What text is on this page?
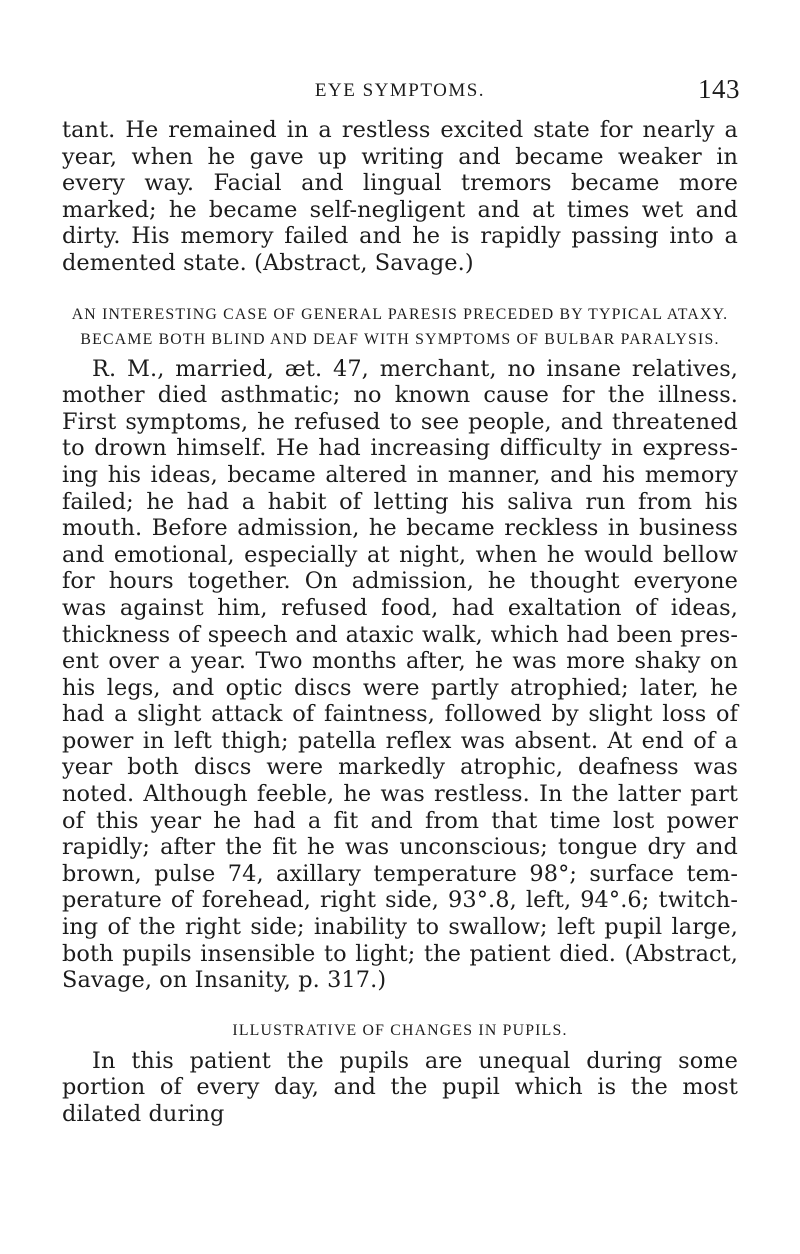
EYE SYMPTOMS.	143

tant. He remained in a restless excited state for nearly a year, when he gave up writing and became weaker in every way. Facial and lingual tremors became more marked; he became self-negligent and at times wet and dirty. His memory failed and he is rapidly passing into a demented state. (Abstract, Savage.)

AN INTERESTING CASE OF GENERAL PARESIS PRECEDED BY TYPICAL ATAXY. BECAME BOTH BLIND AND DEAF WITH SYMPTOMS OF BULBAR PARALYSIS.

R. M., married, æt. 47, merchant, no insane relatives, mother died asthmatic; no known cause for the illness. First symptoms, he refused to see people, and threatened to drown himself. He had increasing difficulty in express-ing his ideas, became altered in manner, and his memory failed; he had a habit of letting his saliva run from his mouth. Before admission, he became reckless in business and emotional, especially at night, when he would bellow for hours together. On admission, he thought everyone was against him, refused food, had exaltation of ideas, thickness of speech and ataxic walk, which had been pres-ent over a year. Two months after, he was more shaky on his legs, and optic discs were partly atrophied; later, he had a slight attack of faintness, followed by slight loss of power in left thigh; patella reflex was absent. At end of a year both discs were markedly atrophic, deafness was noted. Although feeble, he was restless. In the latter part of this year he had a fit and from that time lost power rapidly; after the fit he was unconscious; tongue dry and brown, pulse 74, axillary temperature 98°; surface tem-perature of forehead, right side, 93°.8, left, 94°.6; twitch-ing of the right side; inability to swallow; left pupil large, both pupils insensible to light; the patient died. (Abstract, Savage, on Insanity, p. 317.)

ILLUSTRATIVE OF CHANGES IN PUPILS.

In this patient the pupils are unequal during some portion of every day, and the pupil which is the most dilated during
